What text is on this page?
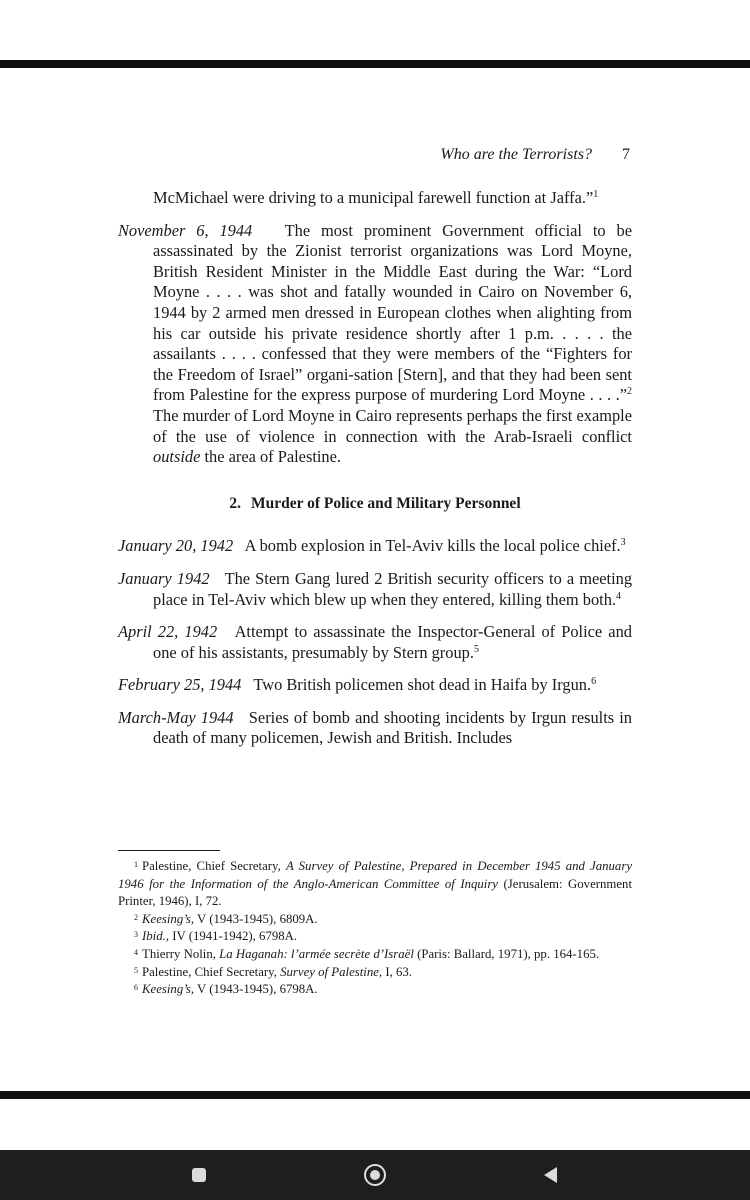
Who are the Terrorists? 7

McMichael were driving to a municipal farewell function at Jaffa.”$^1$

November 6, 1944 The most prominent Government official to be assassinated by the Zionist terrorist organizations was Lord Moyne, British Resident Minister in the Middle East during the War: “Lord Moyne . . . . was shot and fatally wounded in Cairo on November 6, 1944 by 2 armed men dressed in European clothes when alighting from his car outside his private residence shortly after 1 p.m. . . . . the assailants . . . . confessed that they were members of the “Fighters for the Freedom of Israel” organi-sation [Stern], and that they had been sent from Palestine for the express purpose of murdering Lord Moyne . . . .”$^2$ The murder of Lord Moyne in Cairo represents perhaps the first example of the use of violence in connection with the Arab-Israeli conflict outside the area of Palestine.

2. Murder of Police and Military Personnel

January 20, 1942 A bomb explosion in Tel-Aviv kills the local police chief.$^3$

January 1942 The Stern Gang lured 2 British security officers to a meeting place in Tel-Aviv which blew up when they entered, killing them both.$^4$

April 22, 1942 Attempt to assassinate the Inspector-General of Police and one of his assistants, presumably by Stern group.$^5$

February 25, 1944 Two British policemen shot dead in Haifa by Irgun.$^6$

March-May 1944 Series of bomb and shooting incidents by Irgun results in death of many policemen, Jewish and British. Includes

$^1$ Palestine, Chief Secretary, A Survey of Palestine, Prepared in December 1945 and January 1946 for the Information of the Anglo-American Committee of Inquiry (Jerusalem: Government Printer, 1946), I, 72.

$^2$ Keesing’s, V (1943-1945), 6809A.

$^3$ Ibid., IV (1941-1942), 6798A.

$^4$ Thierry Nolin, La Haganah: l’armée secrète d’Israël (Paris: Ballard, 1971), pp. 164-165.

$^5$ Palestine, Chief Secretary, Survey of Palestine, I, 63.

$^6$ Keesing’s, V (1943-1945), 6798A.
